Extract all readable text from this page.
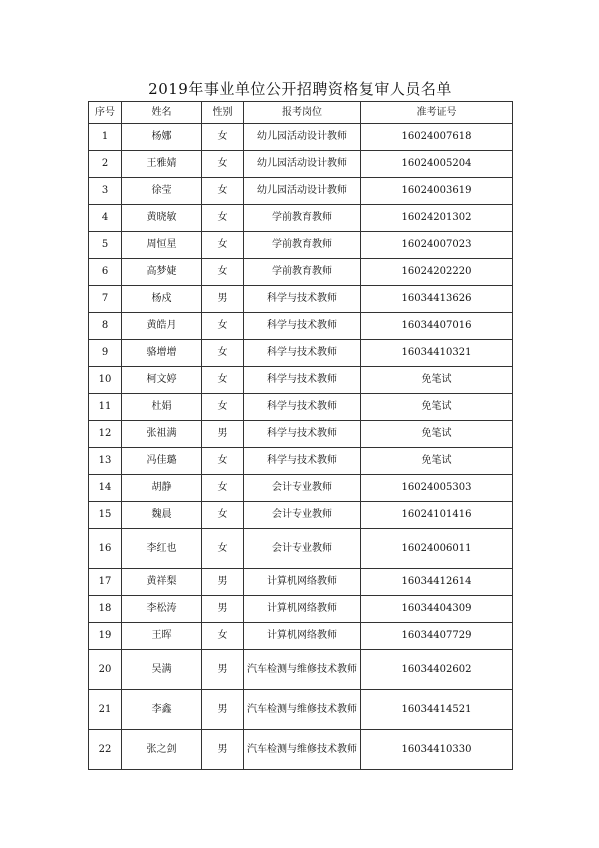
2019年事业单位公开招聘资格复审人员名单
序号	姓名	性别	报考岗位	准考证号
1	杨娜	女	幼儿园活动设计教师	16024007618
2	王雅婧	女	幼儿园活动设计教师	16024005204
3	徐莹	女	幼儿园活动设计教师	16024003619
4	黄晓敏	女	学前教育教师	16024201302
5	周恒星	女	学前教育教师	16024007023
6	高梦婕	女	学前教育教师	16024202220
7	杨戍	男	科学与技术教师	16034413626
8	黄皓月	女	科学与技术教师	16034407016
9	骆增增	女	科学与技术教师	16034410321
10	柯文婷	女	科学与技术教师	免笔试
11	杜娟	女	科学与技术教师	免笔试
12	张祖满	男	科学与技术教师	免笔试
13	冯佳璐	女	科学与技术教师	免笔试
14	胡静	女	会计专业教师	16024005303
15	魏晨	女	会计专业教师	16024101416
16	李红也	女	会计专业教师	16024006011
17	黄祥梨	男	计算机网络教师	16034412614
18	李松涛	男	计算机网络教师	16034404309
19	王晖	女	计算机网络教师	16034407729
20	吴满	男	汽车检测与维修技术教师	16034402602
21	李鑫	男	汽车检测与维修技术教师	16034414521
22	张之剑	男	汽车检测与维修技术教师	16034410330
